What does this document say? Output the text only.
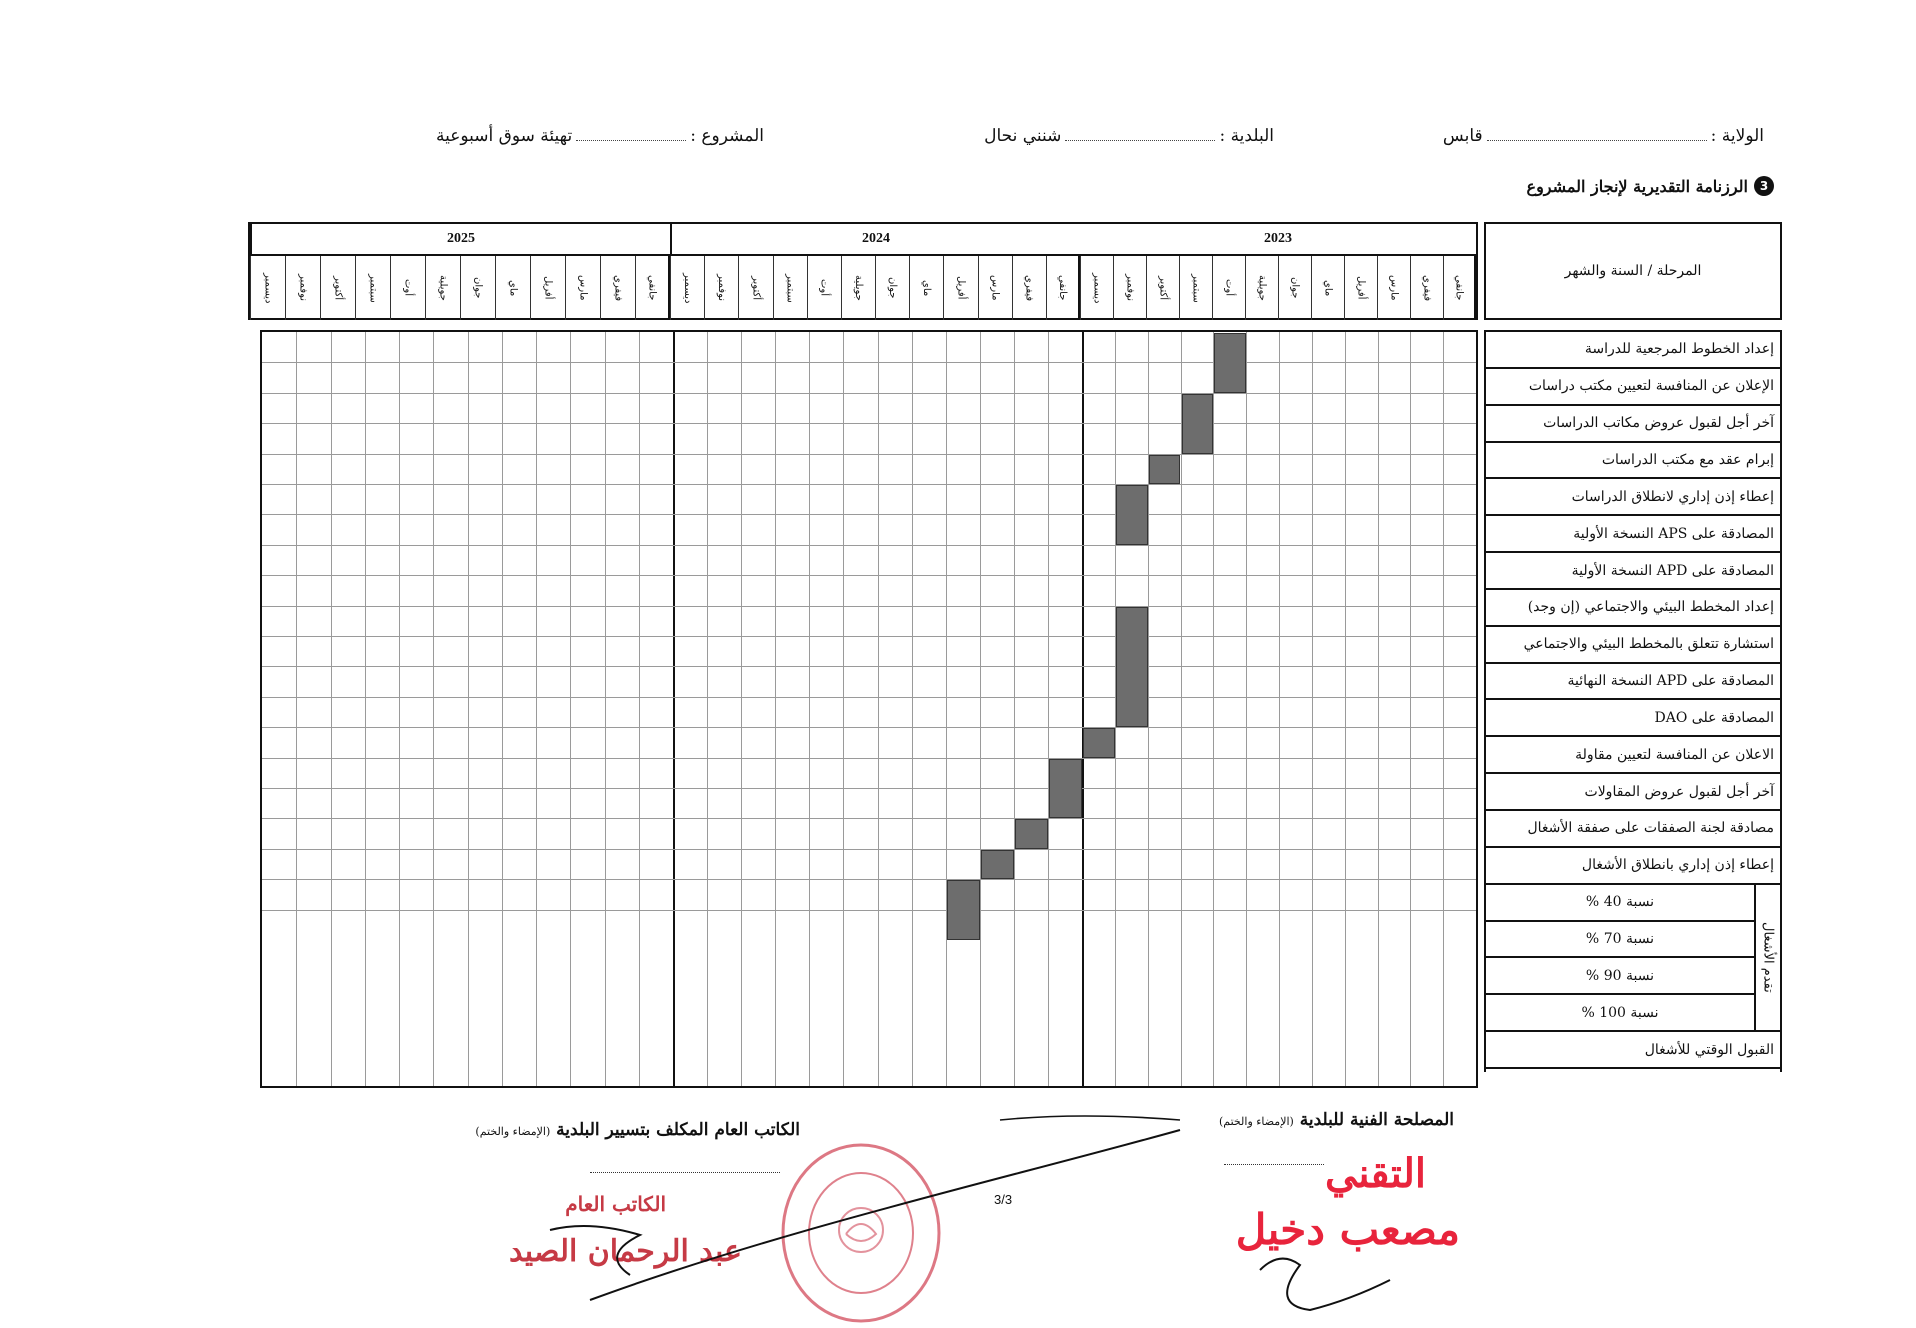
الولاية :قابس
البلدية :شنني نحال
المشروع :تهيئة سوق أسبوعية
3
الرزنامة التقديرية لإنجاز المشروع
المرحلة / السنة والشهر
2023
جانفي
فيفري
مارس
أفريل
ماي
جوان
جويلية
أوت
سبتمبر
أكتوبر
نوفمبر
ديسمبر
2024
جانفي
فيفري
مارس
أفريل
ماي
جوان
جويلية
أوت
سبتمبر
أكتوبر
نوفمبر
ديسمبر
2025
جانفي
فيفري
مارس
أفريل
ماي
جوان
جويلية
أوت
سبتمبر
أكتوبر
نوفمبر
ديسمبر
إعداد الخطوط المرجعية للدراسة
الإعلان عن المنافسة لتعيين مكتب دراسات
آخر أجل لقبول عروض مكاتب الدراسات
إبرام عقد مع مكتب الدراسات
إعطاء إذن إداري لانطلاق الدراسات
المصادقة على APS النسخة الأولية
المصادقة على APD النسخة الأولية
إعداد المخطط البيئي والاجتماعي (إن وجد)
استشارة تتعلق بالمخطط البيئي والاجتماعي
المصادقة على APD النسخة النهائية
المصادقة على DAO
الاعلان عن المنافسة لتعيين مقاولة
آخر أجل لقبول عروض المقاولات
مصادقة لجنة الصفقات على صفقة الأشغال
إعطاء إذن إداري بانطلاق الأشغال
تقدم الأشغال
نسبة 40 %
نسبة 70 %
نسبة 90 %
نسبة 100 %
القبول الوقتي للأشغال
المصلحة الفنية للبلدية (الإمضاء والختم)
الكاتب العام المكلف بتسيير البلدية (الإمضاء والختم)
3/3
التقني
مصعب دخيل
الكاتب العام
عبد الرحمان الصيد
